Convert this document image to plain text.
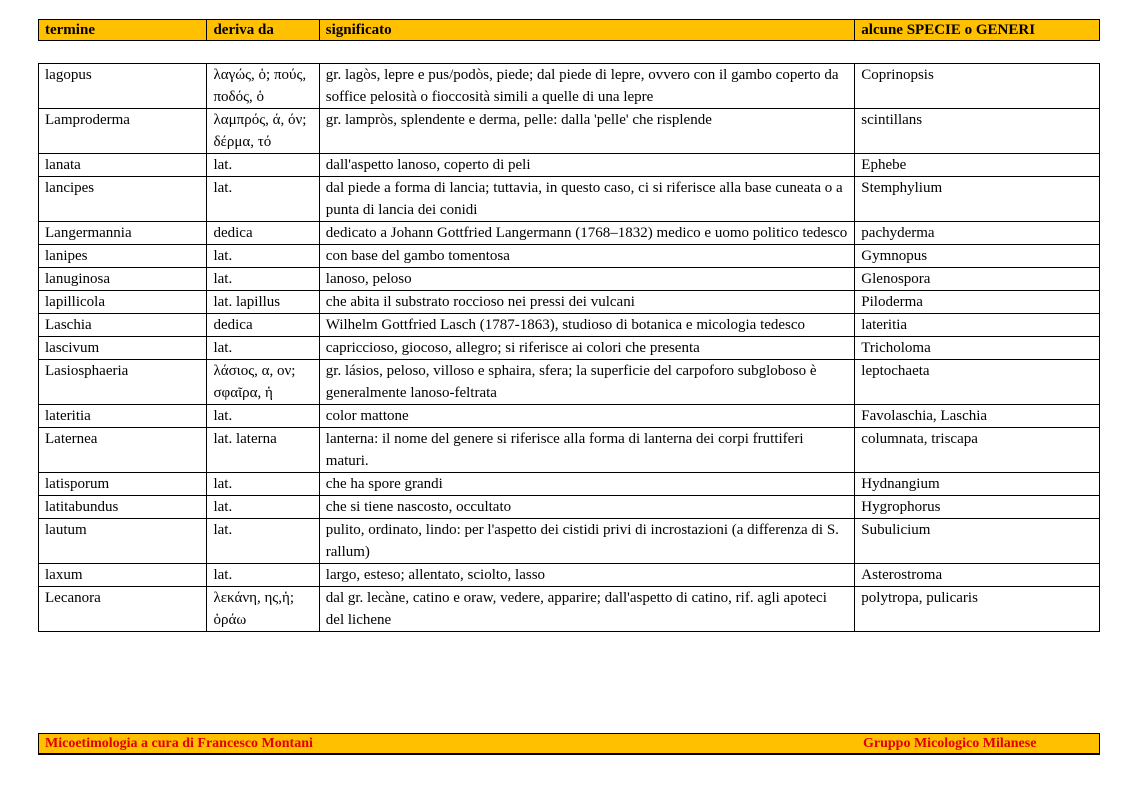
termine	deriva da	significato	alcune SPECIE o GENERI
lagopus	λαγώς, ὁ; πούς, ποδός, ὁ	gr. lagòs, lepre e pus/podòs, piede; dal piede di lepre, ovvero con il gambo coperto da soffice pelosità o fioccosità simili a quelle di una lepre	Coprinopsis
Lamproderma	λαμπρός, ά, όν; δέρμα, τό	gr. lampròs, splendente e derma, pelle: dalla 'pelle' che risplende	scintillans
lanata	lat.	dall'aspetto lanoso, coperto di peli	Ephebe
lancipes	lat.	dal piede a forma di lancia; tuttavia, in questo caso, ci si riferisce alla base cuneata o a punta di lancia dei conidi	Stemphylium
Langermannia	dedica	dedicato a Johann Gottfried Langermann (1768–1832) medico e uomo politico tedesco	pachyderma
lanipes	lat.	con base del gambo tomentosa	Gymnopus
lanuginosa	lat.	lanoso, peloso	Glenospora
lapillicola	lat. lapillus	che abita il substrato roccioso nei pressi dei vulcani	Piloderma
Laschia	dedica	Wilhelm Gottfried Lasch (1787-1863), studioso di botanica e micologia tedesco	lateritia
lascivum	lat.	capriccioso, giocoso, allegro; si riferisce ai colori che presenta	Tricholoma
Lasiosphaeria	λάσιος, α, ον; σφαῖρα, ἡ	gr. lásios, peloso, villoso e sphaira, sfera; la superficie del carpoforo subgloboso è generalmente lanoso-feltrata	leptochaeta
lateritia	lat.	color mattone	Favolaschia, Laschia
Laternea	lat. laterna	lanterna: il nome del genere si riferisce alla forma di lanterna dei corpi fruttiferi maturi.	columnata, triscapa
latisporum	lat.	che ha spore grandi	Hydnangium
latitabundus	lat.	che si tiene nascosto, occultato	Hygrophorus
lautum	lat.	pulito, ordinato, lindo: per l'aspetto dei cistidi privi di incrostazioni (a differenza di S. rallum)	Subulicium
laxum	lat.	largo, esteso; allentato, sciolto, lasso	Asterostroma
Lecanora	λεκάνη, ης,ἡ; ὁράω	dal gr. lecàne, catino e oraw, vedere, apparire; dall'aspetto di catino, rif. agli apoteci del lichene	polytropa, pulicaris
Micoetimologia a cura di Francesco Montani	Gruppo Micologico Milanese
